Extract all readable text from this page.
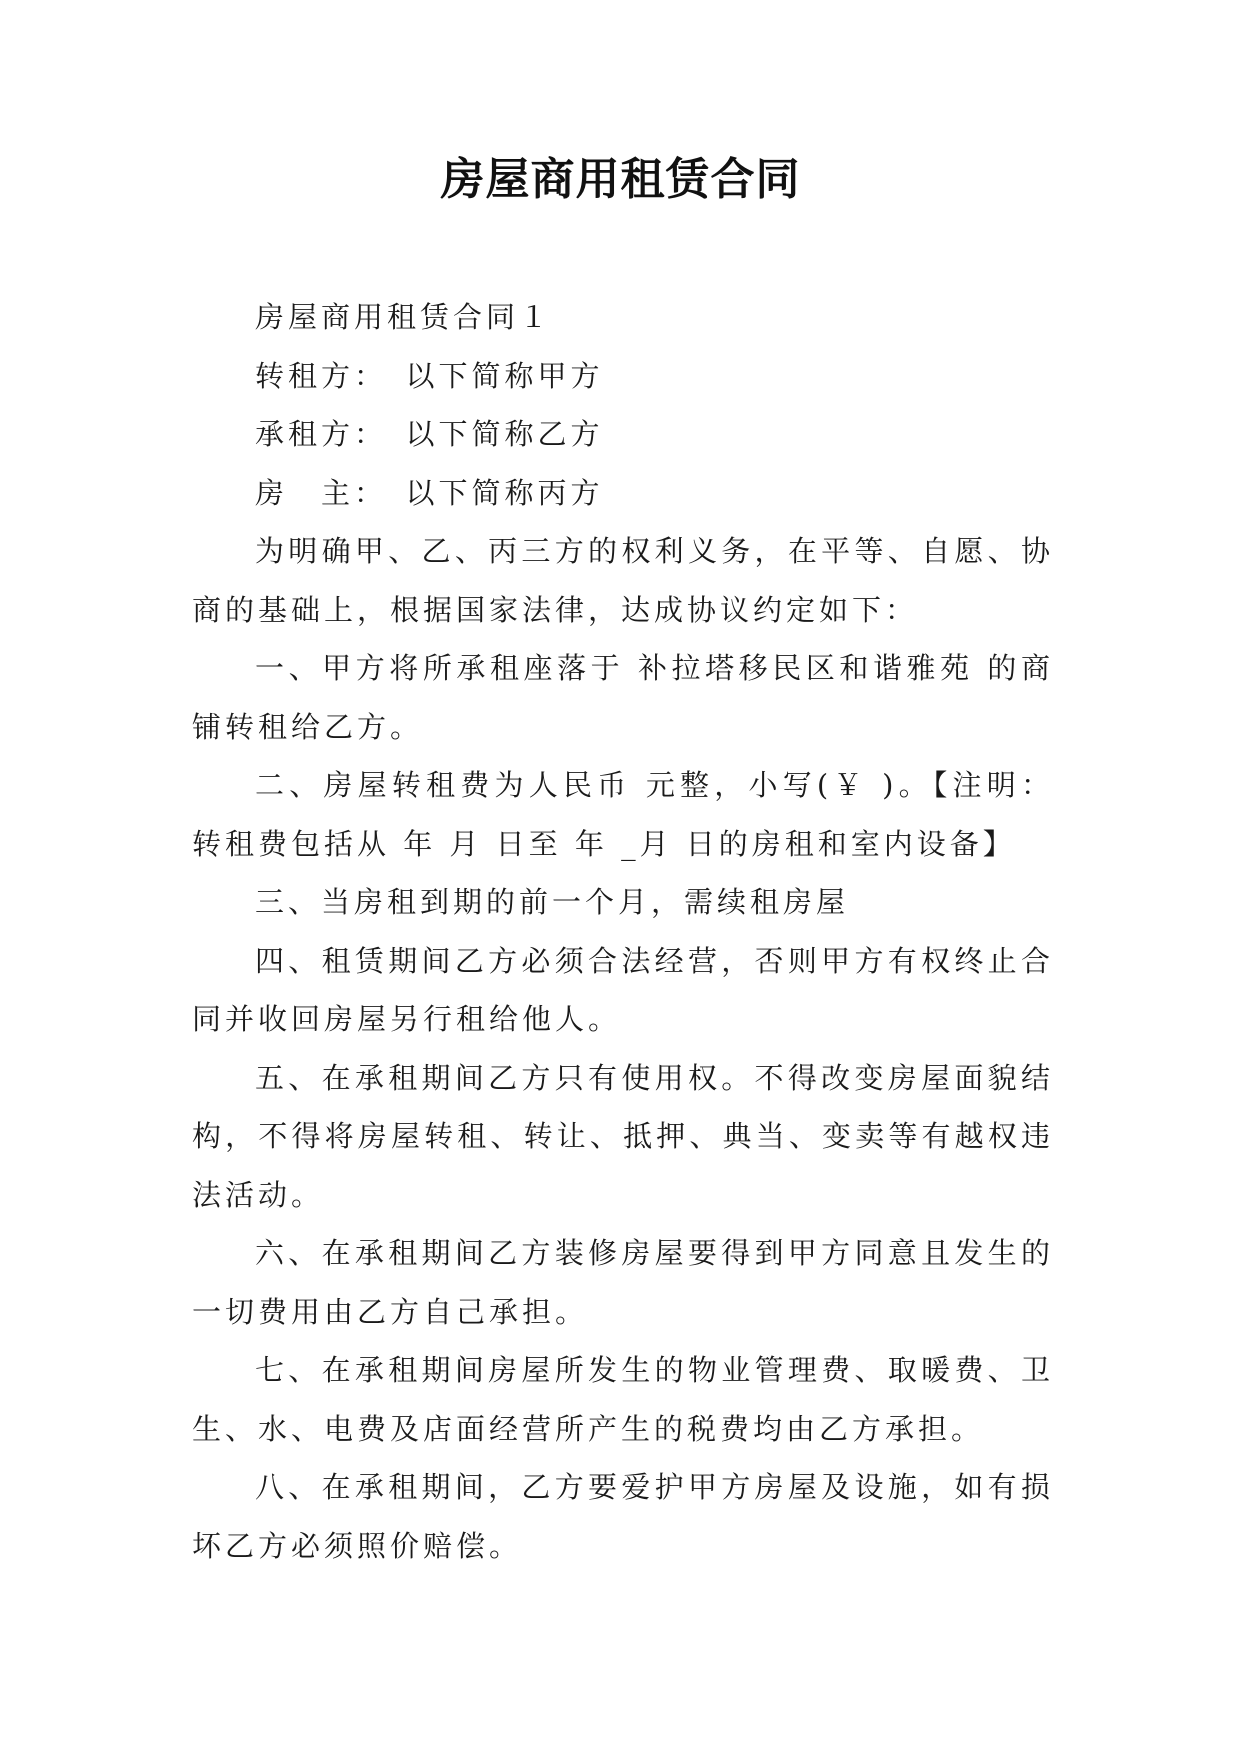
房屋商用租赁合同

房屋商用租赁合同１

转租方：　以下简称甲方

承租方：　以下简称乙方

房　主：　以下简称丙方

为明确甲、乙、丙三方的权利义务，在平等、自愿、协商的基础上，根据国家法律，达成协议约定如下：

一、甲方将所承租座落于 补拉塔移民区和谐雅苑 的商铺转租给乙方。

二、房屋转租费为人民币 元整，小写(￥ )。【注明：转租费包括从 年 月 日至 年 _月 日的房租和室内设备】

三、当房租到期的前一个月，需续租房屋

四、租赁期间乙方必须合法经营，否则甲方有权终止合同并收回房屋另行租给他人。

五、在承租期间乙方只有使用权。不得改变房屋面貌结构，不得将房屋转租、转让、抵押、典当、变卖等有越权违法活动。

六、在承租期间乙方装修房屋要得到甲方同意且发生的一切费用由乙方自己承担。

七、在承租期间房屋所发生的物业管理费、取暖费、卫生、水、电费及店面经营所产生的税费均由乙方承担。

八、在承租期间，乙方要爱护甲方房屋及设施，如有损坏乙方必须照价赔偿。
